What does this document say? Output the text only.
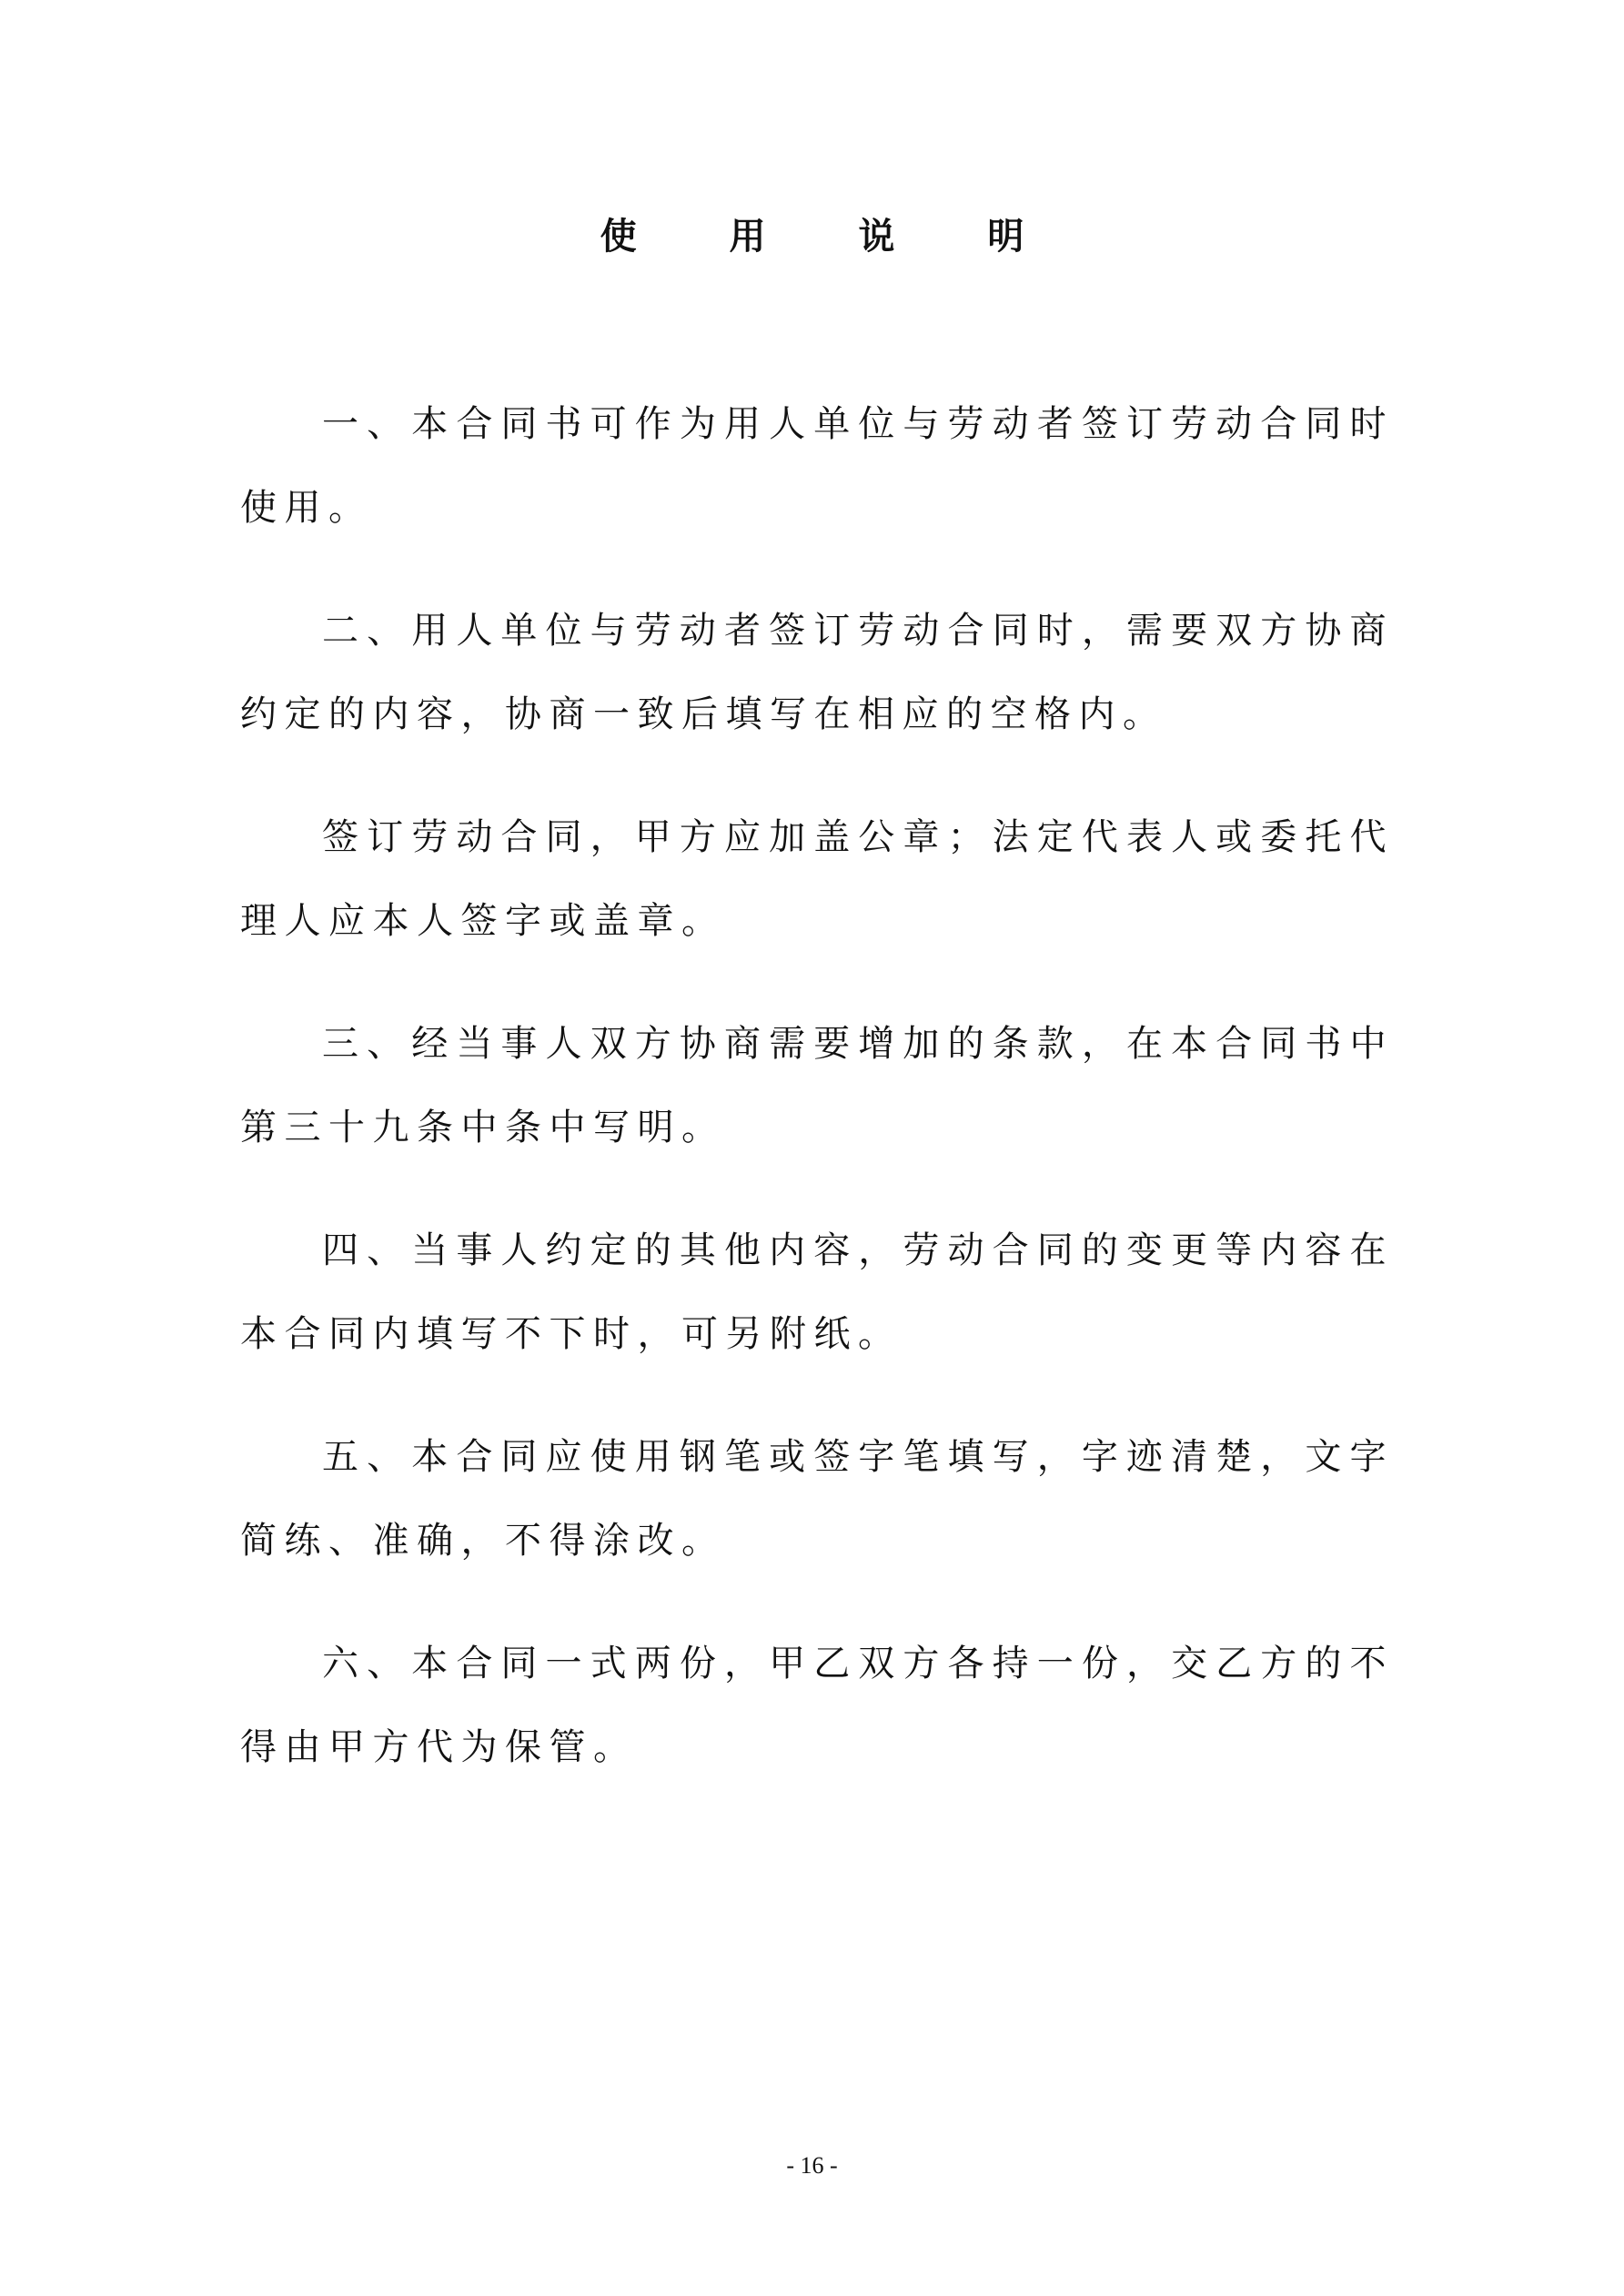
使 用 说 明

一、本合同书可作为用人单位与劳动者签订劳动合同时使用。

二、用人单位与劳动者签订劳动合同时，需要双方协商约定的内容，协商一致后填写在相应的空格内。

签订劳动合同，甲方应加盖公章；法定代表人或委托代理人应本人签字或盖章。

三、经当事人双方协商需要增加的条款，在本合同书中第三十九条中条中写明。

四、当事人约定的其他内容，劳动合同的变更等内容在本合同内填写不下时，可另附纸。

五、本合同应使用钢笔或签字笔填写，字迹清楚，文字简练、准确，不得涂改。

六、本合同一式两份，甲乙双方各持一份，交乙方的不得由甲方代为保管。

- 16 -
